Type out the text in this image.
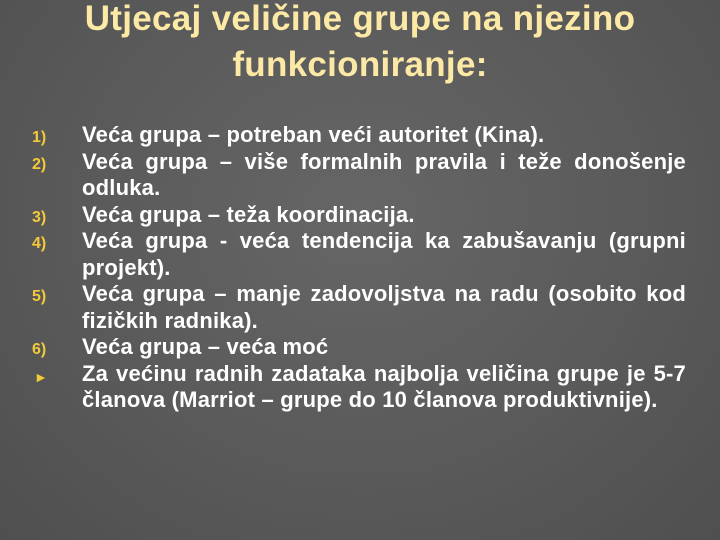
Utjecaj veličine grupe na njezino
funkcioniranje:
1) Veća grupa – potreban veći autoritet (Kina).
2) Veća grupa – više formalnih pravila i teže donošenje odluka.
3) Veća grupa – teža koordinacija.
4) Veća grupa - veća tendencija ka zabušavanju (grupni projekt).
5) Veća grupa – manje zadovoljstva na radu (osobito kod fizičkih radnika).
6) Veća grupa – veća moć
► Za većinu radnih zadataka najbolja veličina grupe je 5-7 članova (Marriot – grupe do 10 članova produktivnije).
